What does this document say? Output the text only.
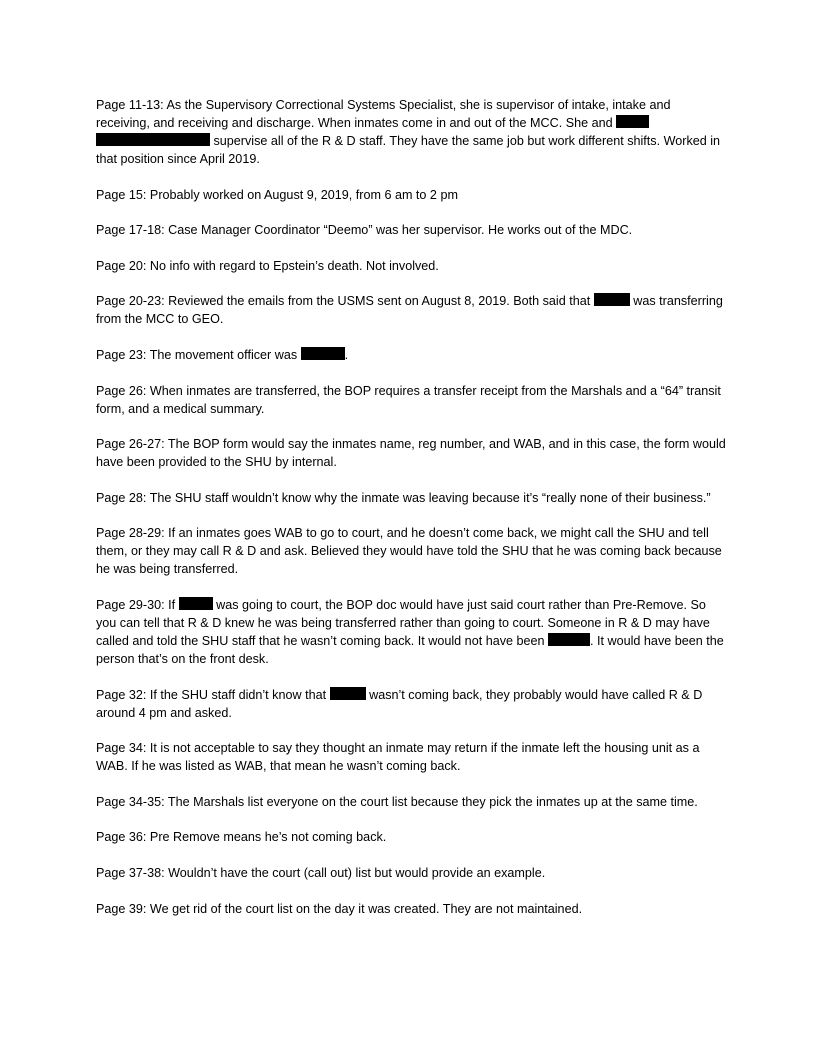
Page 11-13: As the Supervisory Correctional Systems Specialist, she is supervisor of intake, intake and receiving, and receiving and discharge. When inmates come in and out of the MCC. She and   supervise all of the R & D staff. They have the same job but work different shifts. Worked in that position since April 2019.

Page 15: Probably worked on August 9, 2019, from 6 am to 2 pm

Page 17-18: Case Manager Coordinator “Deemo” was her supervisor. He works out of the MDC.

Page 20: No info with regard to Epstein’s death. Not involved.

Page 20-23: Reviewed the emails from the USMS sent on August 8, 2019. Both said that	was transferring from the MCC to GEO.

Page 23: The movement officer was	.

Page 26: When inmates are transferred, the BOP requires a transfer receipt from the Marshals and a “64” transit form, and a medical summary.

Page 26-27: The BOP form would say the inmates name, reg number, and WAB, and in this case, the form would have been provided to the SHU by internal.

Page 28: The SHU staff wouldn’t know why the inmate was leaving because it’s “really none of their business.”

Page 28-29: If an inmates goes WAB to go to court, and he doesn’t come back, we might call the SHU and tell them, or they may call R & D and ask. Believed they would have told the SHU that he was coming back because he was being transferred.

Page 29-30: If	was going to court, the BOP doc would have just said court rather than Pre-Remove. So you can tell that R & D knew he was being transferred rather than going to court. Someone in R & D may have called and told the SHU staff that he wasn’t coming back. It would not have been	. It would have been the person that’s on the front desk.

Page 32: If the SHU staff didn’t know that	wasn’t coming back, they probably would have called R & D around 4 pm and asked.

Page 34: It is not acceptable to say they thought an inmate may return if the inmate left the housing unit as a WAB. If he was listed as WAB, that mean he wasn’t coming back.

Page 34-35: The Marshals list everyone on the court list because they pick the inmates up at the same time.

Page 36: Pre Remove means he’s not coming back.

Page 37-38: Wouldn’t have the court (call out) list but would provide an example.

Page 39: We get rid of the court list on the day it was created. They are not maintained.
